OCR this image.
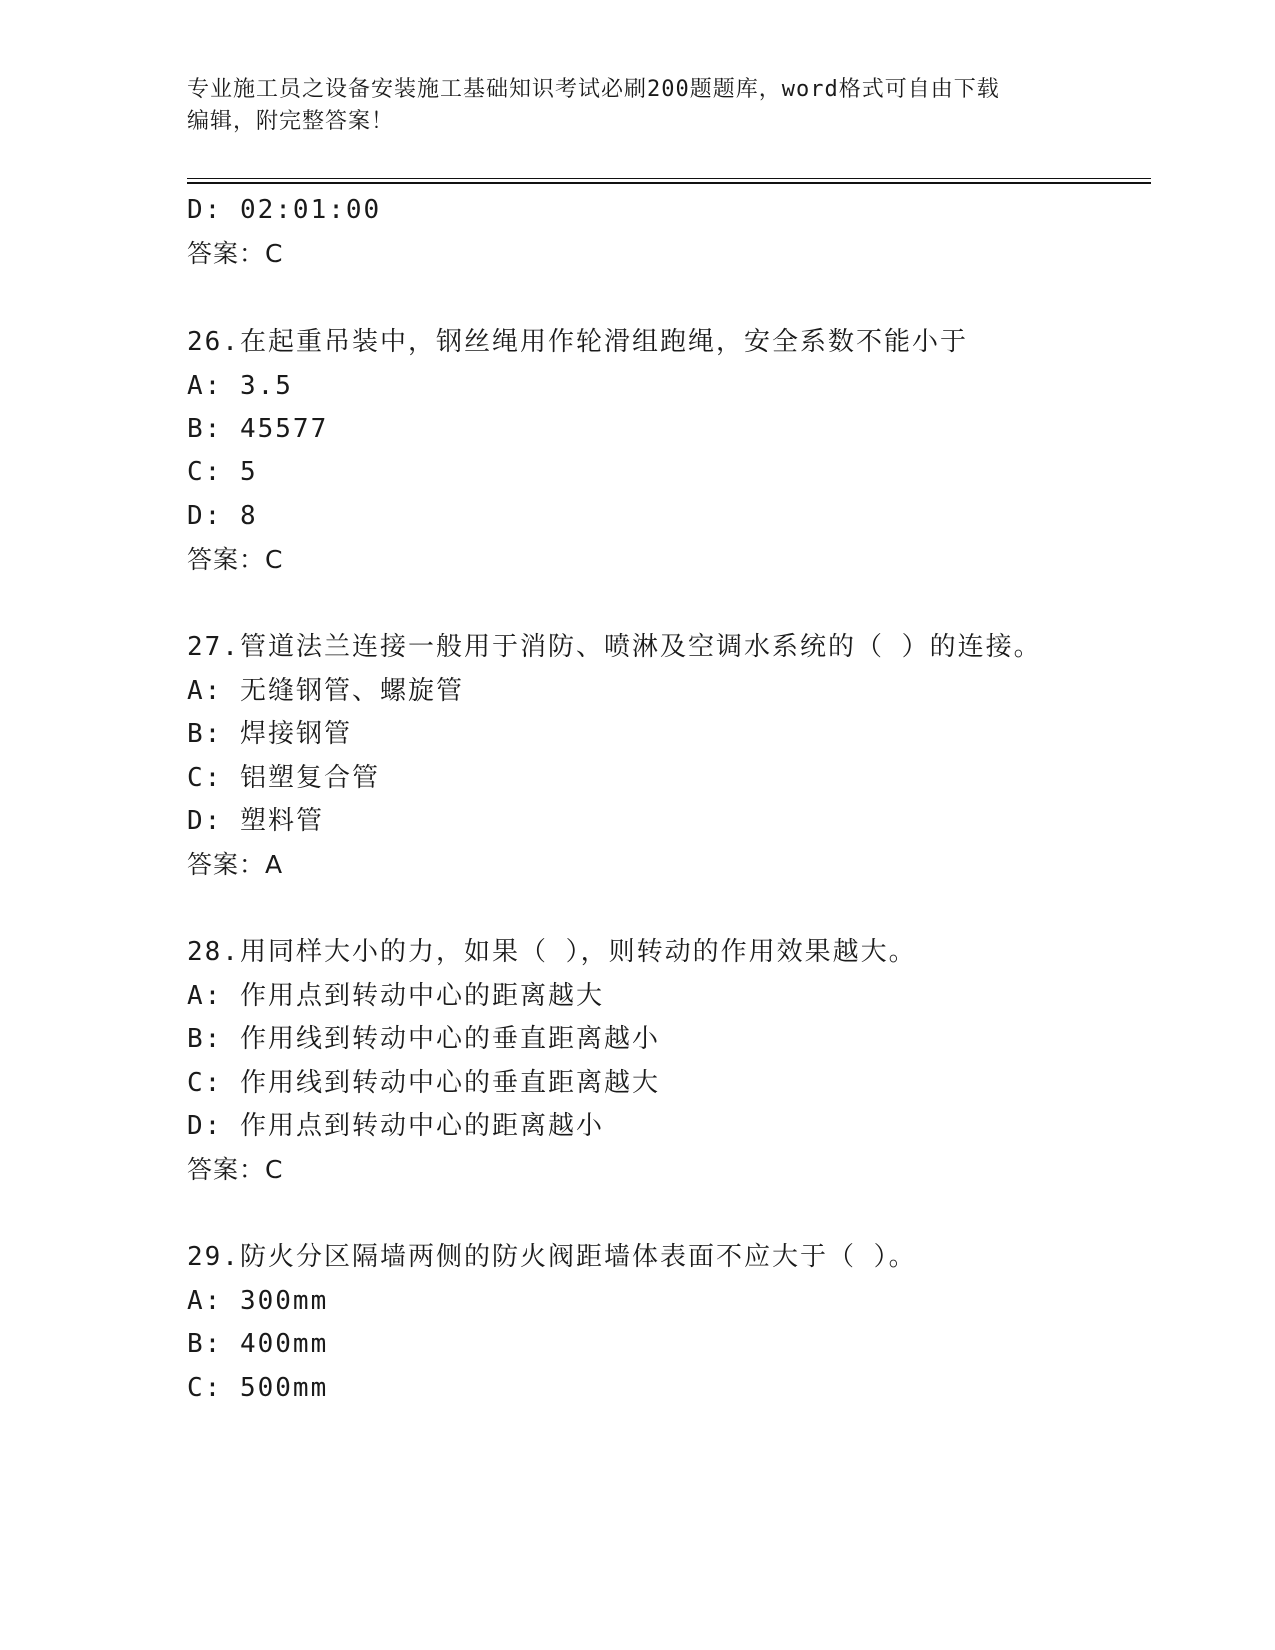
专业施工员之设备安装施工基础知识考试必刷200题题库，word格式可自由下载
编辑，附完整答案！
D: 02:01:00
答案：C
26.在起重吊装中，钢丝绳用作轮滑组跑绳，安全系数不能小于
A: 3.5
B: 45577
C: 5
D: 8
答案：C
27.管道法兰连接一般用于消防、喷淋及空调水系统的（ ）的连接。
A: 无缝钢管、螺旋管
B: 焊接钢管
C: 铝塑复合管
D: 塑料管
答案：A
28.用同样大小的力，如果（ ），则转动的作用效果越大。
A: 作用点到转动中心的距离越大
B: 作用线到转动中心的垂直距离越小
C: 作用线到转动中心的垂直距离越大
D: 作用点到转动中心的距离越小
答案：C
29.防火分区隔墙两侧的防火阀距墙体表面不应大于（ ）。
A: 300mm
B: 400mm
C: 500mm
